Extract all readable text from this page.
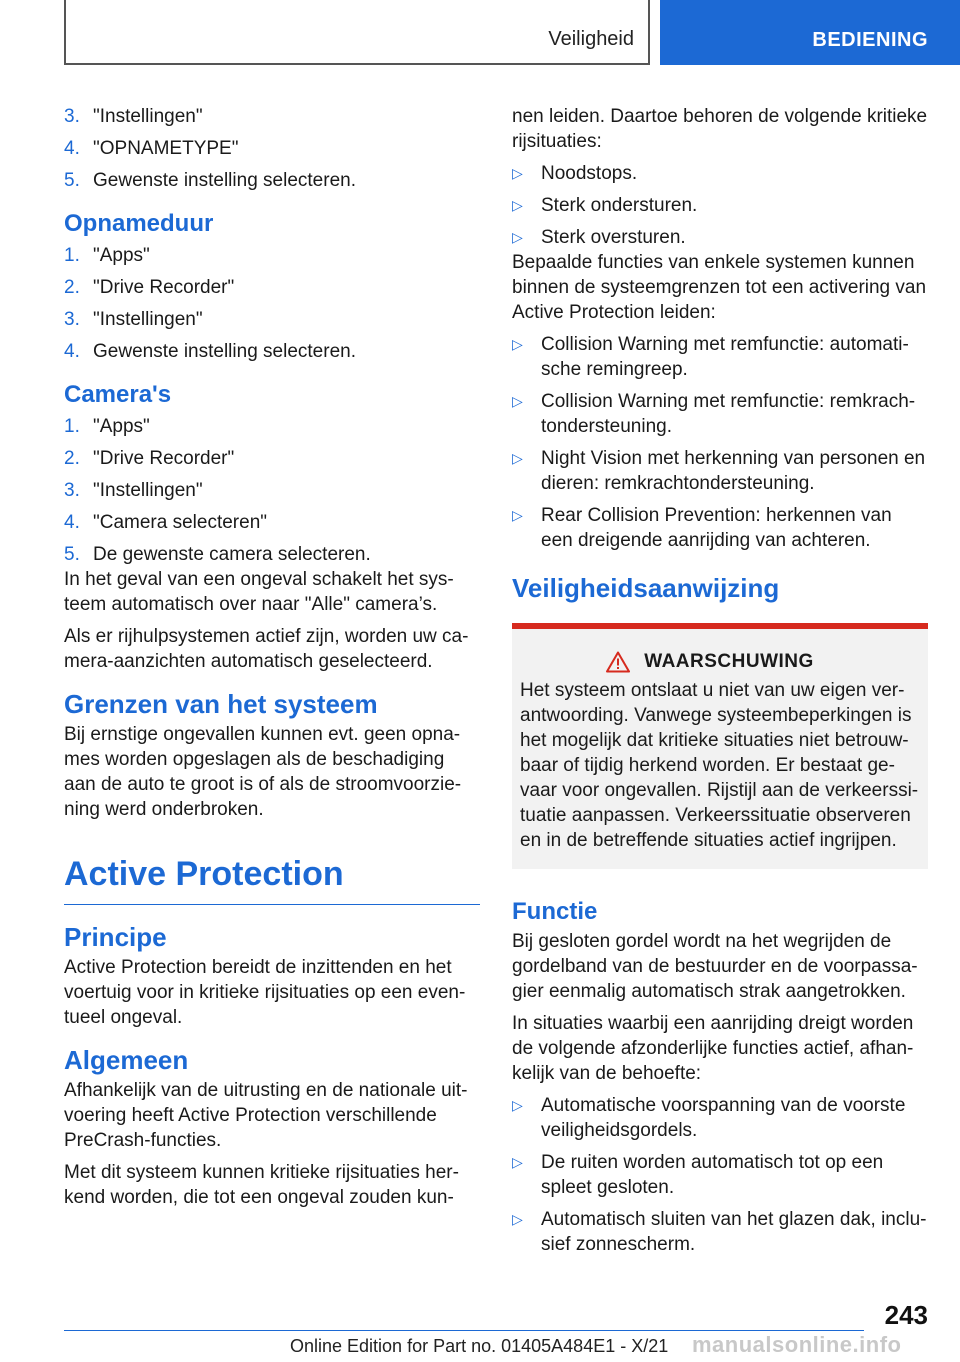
Veiligheid	BEDIENING
3. "Instellingen"
4. "OPNAMETYPE"
5. Gewenste instelling selecteren.
Opnameduur
1. "Apps"
2. "Drive Recorder"
3. "Instellingen"
4. Gewenste instelling selecteren.
Camera's
1. "Apps"
2. "Drive Recorder"
3. "Instellingen"
4. "Camera selecteren"
5. De gewenste camera selecteren.

In het geval van een ongeval schakelt het sys-teem automatisch over naar "Alle" camera’s.

Als er rijhulpsystemen actief zijn, worden uw ca-mera-aanzichten automatisch geselecteerd.

Grenzen van het systeem

Bij ernstige ongevallen kunnen evt. geen opna-mes worden opgeslagen als de beschadiging aan de auto te groot is of als de stroomvoorzie-ning werd onderbroken.

Active Protection
Principe

Active Protection bereidt de inzittenden en het voertuig voor in kritieke rijsituaties op een even-tueel ongeval.

Algemeen

Afhankelijk van de uitrusting en de nationale uit-voering heeft Active Protection verschillende PreCrash-functies.

Met dit systeem kunnen kritieke rijsituaties her-kend worden, die tot een ongeval zouden kun-

nen leiden. Daartoe behoren de volgende kritieke rijsituaties:

▷ Noodstops.
▷ Sterk ondersturen.
▷ Sterk oversturen.

Bepaalde functies van enkele systemen kunnen binnen de systeemgrenzen tot een activering van Active Protection leiden:

▷ Collision Warning met remfunctie: automati-sche remingreep.
▷ Collision Warning met remfunctie: remkrach-tondersteuning.
▷ Night Vision met herkenning van personen en dieren: remkrachtondersteuning.
▷ Rear Collision Prevention: herkennen van een dreigende aanrijding van achteren.
Veiligheidsaanwijzing
WAARSCHUWING

Het systeem ontslaat u niet van uw eigen ver-antwoording. Vanwege systeembeperkingen is het mogelijk dat kritieke situaties niet betrouw-baar of tijdig herkend worden. Er bestaat ge-vaar voor ongevallen. Rijstijl aan de verkeerssi-tuatie aanpassen. Verkeerssituatie observeren en in de betreffende situaties actief ingrijpen.

Functie

Bij gesloten gordel wordt na het wegrijden de gordelband van de bestuurder en de voorpassa-gier eenmalig automatisch strak aangetrokken.

In situaties waarbij een aanrijding dreigt worden de volgende afzonderlijke functies actief, afhan-kelijk van de behoefte:

▷ Automatische voorspanning van de voorste veiligheidsgordels.
▷ De ruiten worden automatisch tot op een spleet gesloten.
▷ Automatisch sluiten van het glazen dak, inclu-sief zonnescherm.
243
Online Edition for Part no. 01405A484E1 - X/21 manualsonline.info
